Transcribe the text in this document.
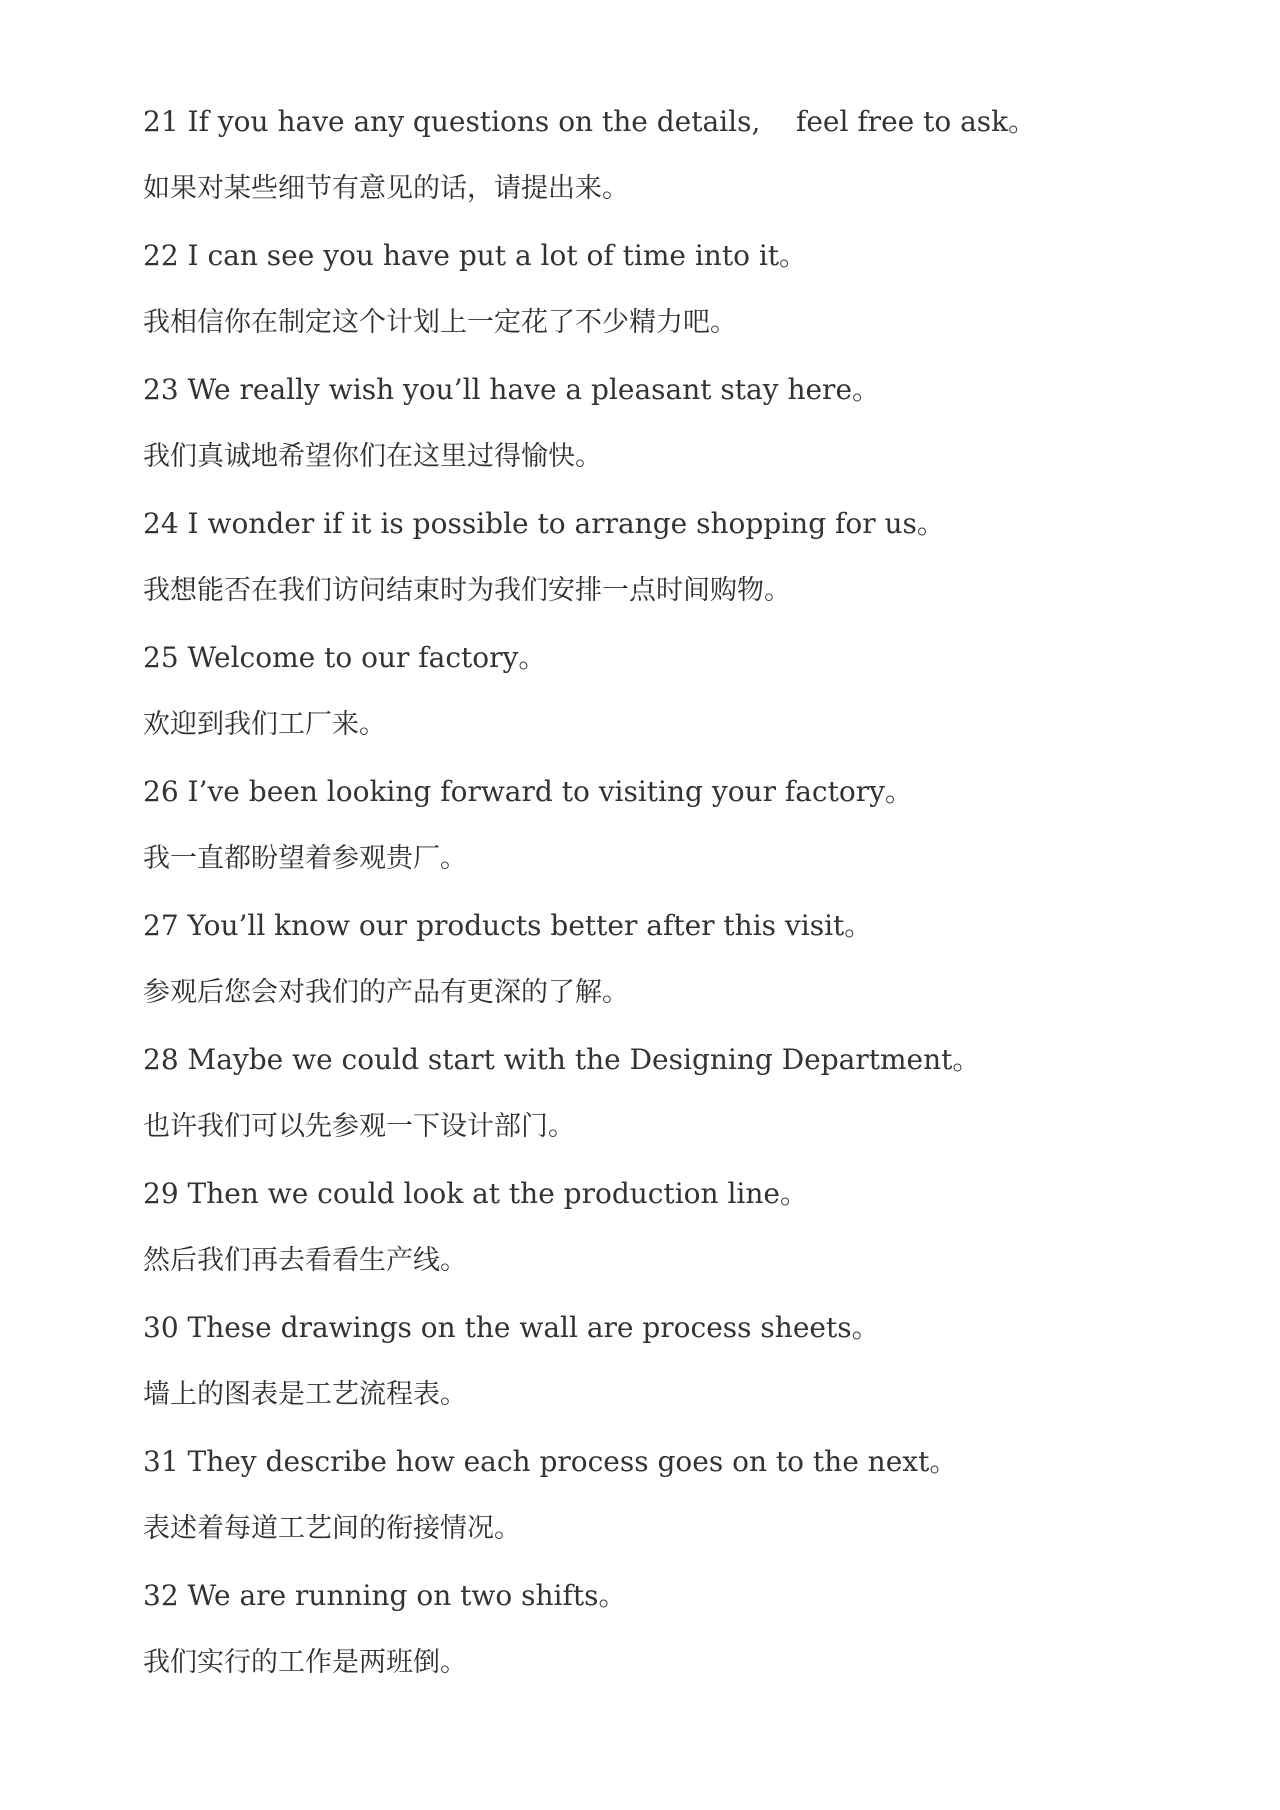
21 If you have any questions on the details,    feel free to ask。
如果对某些细节有意见的话，请提出来。
22 I can see you have put a lot of time into it。
我相信你在制定这个计划上一定花了不少精力吧。
23 We really wish you’ll have a pleasant stay here。
我们真诚地希望你们在这里过得愉快。
24 I wonder if it is possible to arrange shopping for us。
我想能否在我们访问结束时为我们安排一点时间购物。
25 Welcome to our factory。
欢迎到我们工厂来。
26 I’ve been looking forward to visiting your factory。
我一直都盼望着参观贵厂。
27 You’ll know our products better after this visit。
参观后您会对我们的产品有更深的了解。
28 Maybe we could start with the Designing Department。
也许我们可以先参观一下设计部门。
29 Then we could look at the production line。
然后我们再去看看生产线。
30 These drawings on the wall are process sheets。
墙上的图表是工艺流程表。
31 They describe how each process goes on to the next。
表述着每道工艺间的衔接情况。
32 We are running on two shifts。
我们实行的工作是两班倒。
